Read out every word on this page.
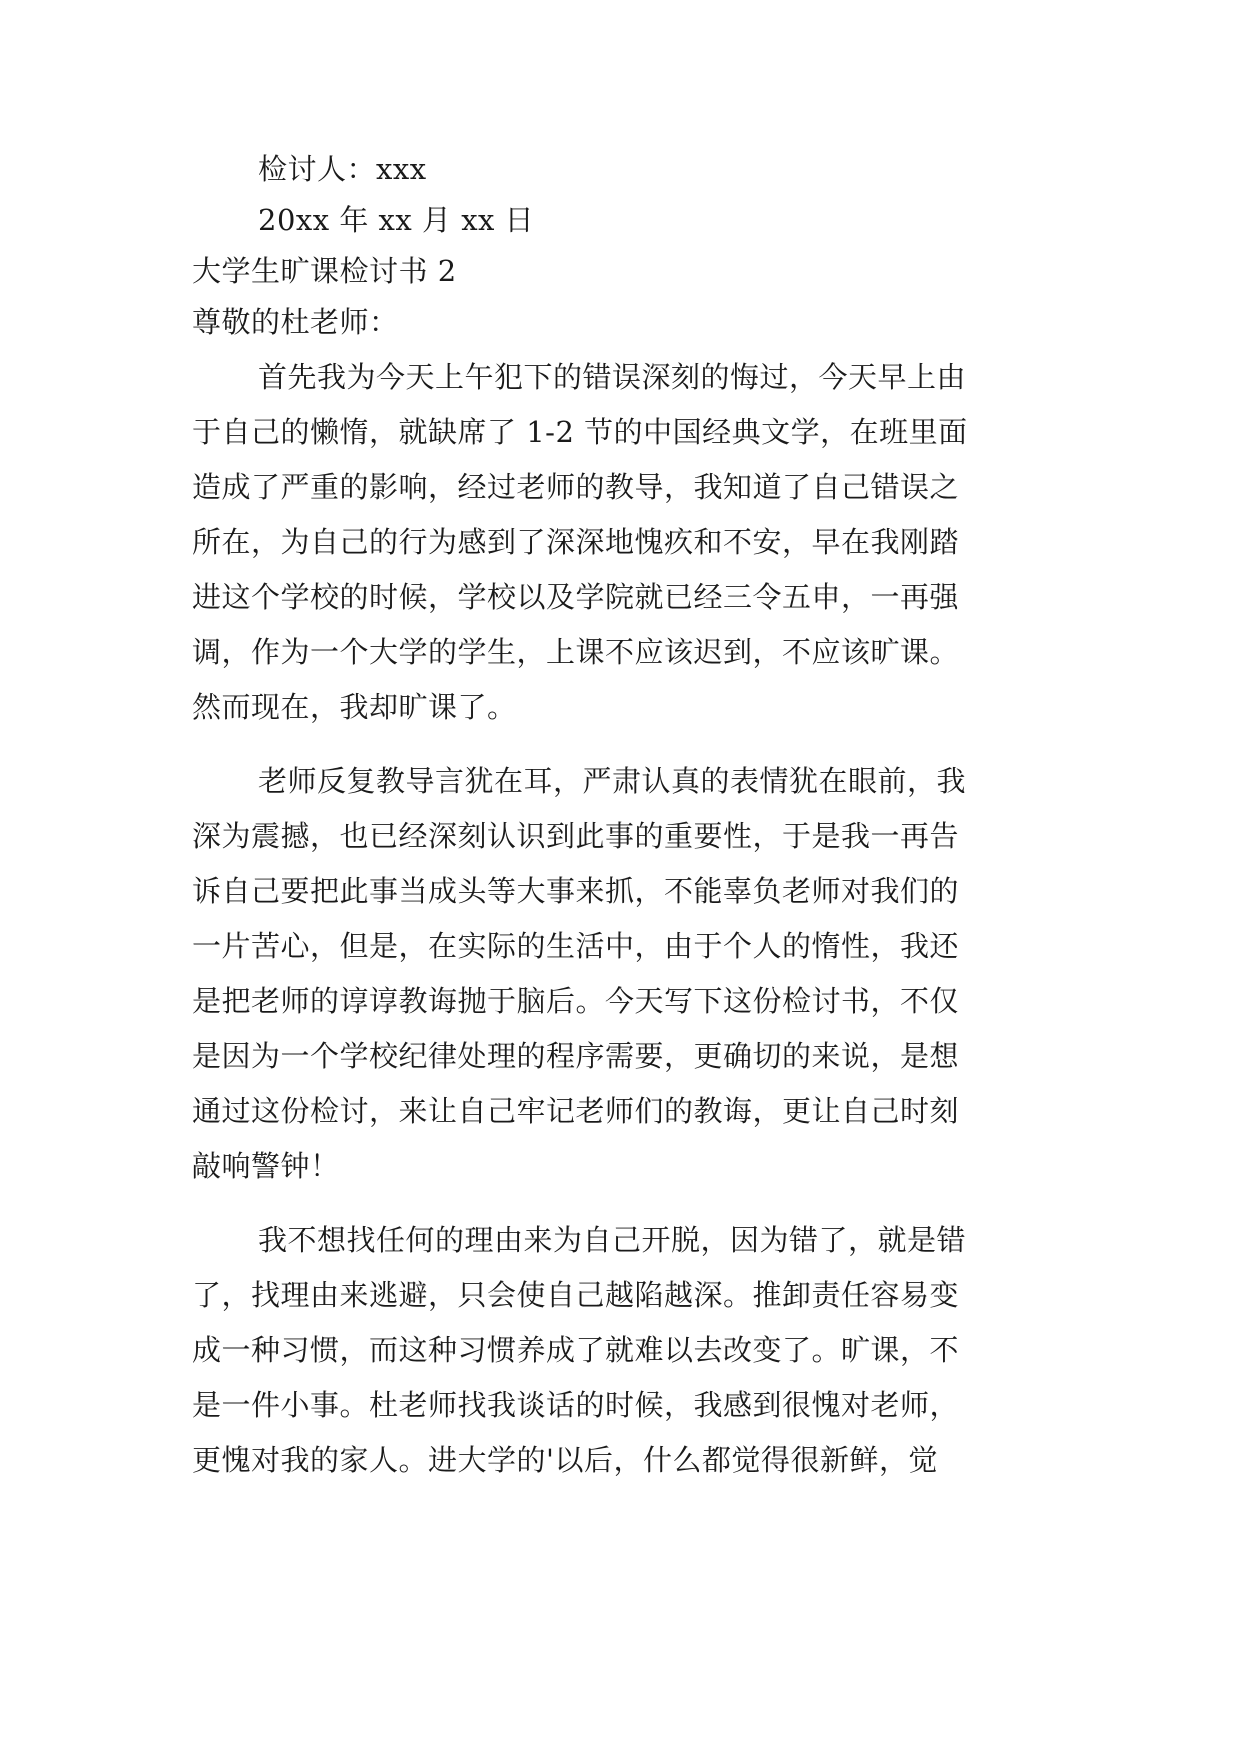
检讨人：xxx
20xx 年 xx 月 xx 日
大学生旷课检讨书 2
尊敬的杜老师：
首先我为今天上午犯下的错误深刻的悔过，今天早上由
于自己的懒惰，就缺席了 1-2 节的中国经典文学，在班里面
造成了严重的影响，经过老师的教导，我知道了自己错误之
所在，为自己的行为感到了深深地愧疚和不安，早在我刚踏
进这个学校的时候，学校以及学院就已经三令五申，一再强
调，作为一个大学的学生，上课不应该迟到，不应该旷课。
然而现在，我却旷课了。
老师反复教导言犹在耳，严肃认真的表情犹在眼前，我
深为震撼，也已经深刻认识到此事的重要性，于是我一再告
诉自己要把此事当成头等大事来抓，不能辜负老师对我们的
一片苦心，但是，在实际的生活中，由于个人的惰性，我还
是把老师的谆谆教诲抛于脑后。今天写下这份检讨书，不仅
是因为一个学校纪律处理的程序需要，更确切的来说，是想
通过这份检讨，来让自己牢记老师们的教诲，更让自己时刻
敲响警钟！
我不想找任何的理由来为自己开脱，因为错了，就是错
了，找理由来逃避，只会使自己越陷越深。推卸责任容易变
成一种习惯，而这种习惯养成了就难以去改变了。旷课，不
是一件小事。杜老师找我谈话的时候，我感到很愧对老师，
更愧对我的家人。进大学的'以后，什么都觉得很新鲜，觉
